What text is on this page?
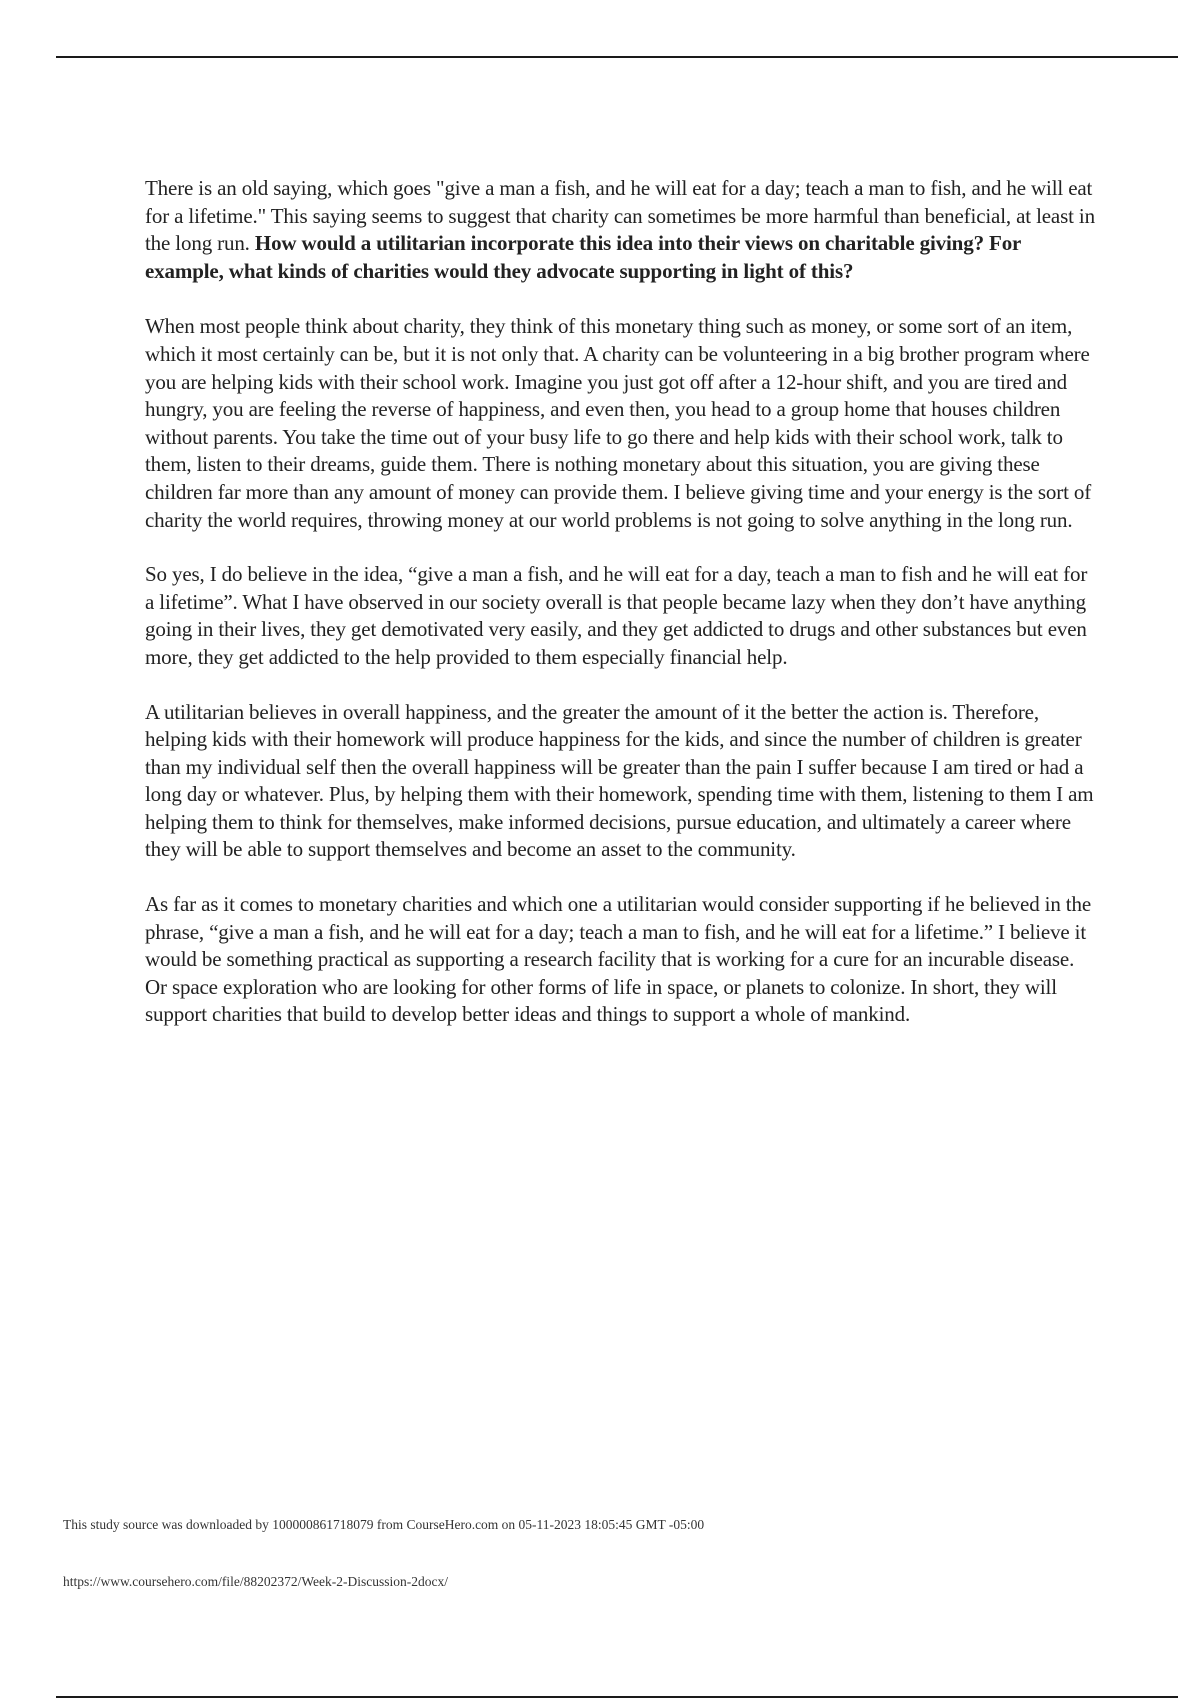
There is an old saying, which goes "give a man a fish, and he will eat for a day; teach a man to fish, and he will eat for a lifetime." This saying seems to suggest that charity can sometimes be more harmful than beneficial, at least in the long run. How would a utilitarian incorporate this idea into their views on charitable giving? For example, what kinds of charities would they advocate supporting in light of this?

When most people think about charity, they think of this monetary thing such as money, or some sort of an item, which it most certainly can be, but it is not only that. A charity can be volunteering in a big brother program where you are helping kids with their school work. Imagine you just got off after a 12-hour shift, and you are tired and hungry, you are feeling the reverse of happiness, and even then, you head to a group home that houses children without parents. You take the time out of your busy life to go there and help kids with their school work, talk to them, listen to their dreams, guide them. There is nothing monetary about this situation, you are giving these children far more than any amount of money can provide them. I believe giving time and your energy is the sort of charity the world requires, throwing money at our world problems is not going to solve anything in the long run.

So yes, I do believe in the idea, “give a man a fish, and he will eat for a day, teach a man to fish and he will eat for a lifetime”. What I have observed in our society overall is that people became lazy when they don’t have anything going in their lives, they get demotivated very easily, and they get addicted to drugs and other substances but even more, they get addicted to the help provided to them especially financial help.

A utilitarian believes in overall happiness, and the greater the amount of it the better the action is. Therefore, helping kids with their homework will produce happiness for the kids, and since the number of children is greater than my individual self then the overall happiness will be greater than the pain I suffer because I am tired or had a long day or whatever. Plus, by helping them with their homework, spending time with them, listening to them I am helping them to think for themselves, make informed decisions, pursue education, and ultimately a career where they will be able to support themselves and become an asset to the community.

As far as it comes to monetary charities and which one a utilitarian would consider supporting if he believed in the phrase, “give a man a fish, and he will eat for a day; teach a man to fish, and he will eat for a lifetime.” I believe it would be something practical as supporting a research facility that is working for a cure for an incurable disease. Or space exploration who are looking for other forms of life in space, or planets to colonize. In short, they will support charities that build to develop better ideas and things to support a whole of mankind.

This study source was downloaded by 100000861718079 from CourseHero.com on 05-11-2023 18:05:45 GMT -05:00
https://www.coursehero.com/file/88202372/Week-2-Discussion-2docx/
